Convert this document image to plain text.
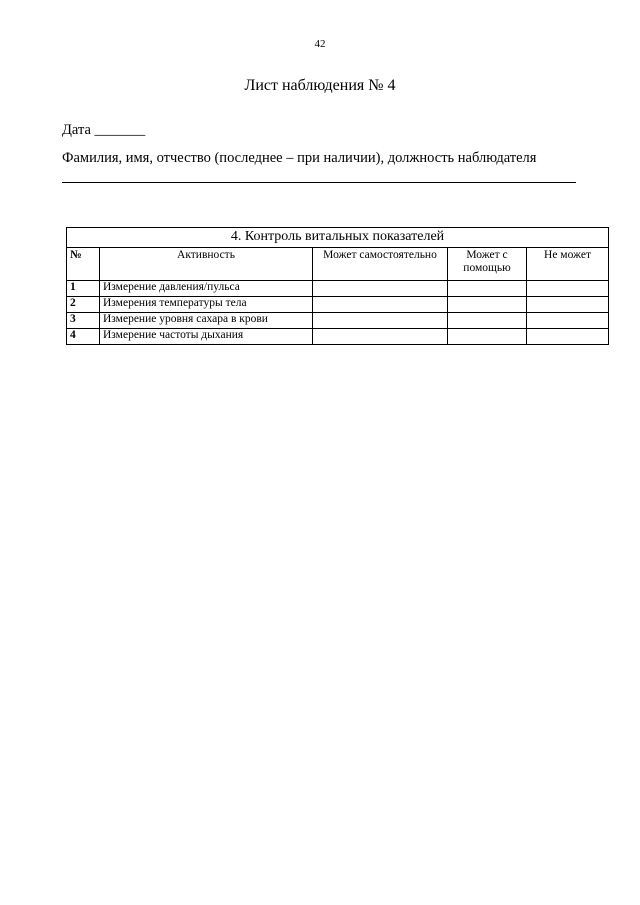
42
Лист наблюдения № 4
Дата _______
Фамилия, имя, отчество (последнее – при наличии), должность наблюдателя
4. Контроль витальных показателей				
№	Активность	Может самостоятельно	Может с помощью	Не может
1	Измерение давления/пульса			
2	Измерения температуры тела			
3	Измерение уровня сахара в крови			
4	Измерение частоты дыхания			
